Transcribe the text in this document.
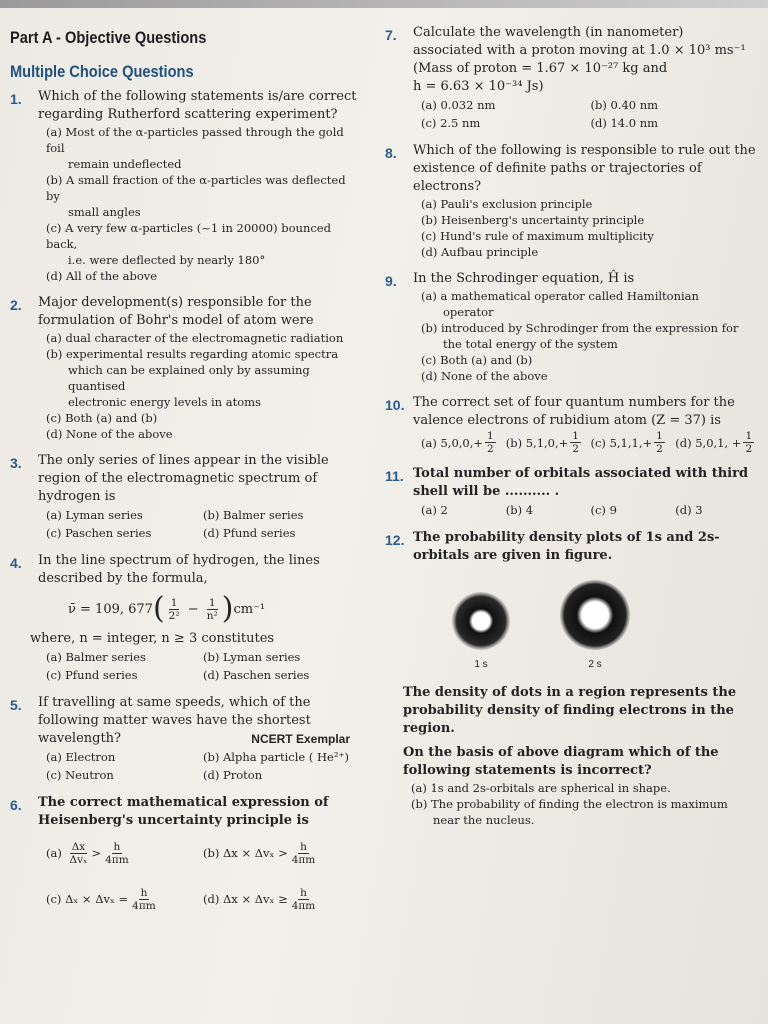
Part A - Objective Questions
Multiple Choice Questions
1. Which of the following statements is/are correct regarding Rutherford scattering experiment?
(a) Most of the α-particles passed through the gold foil
remain undeflected
(b) A small fraction of the α-particles was deflected by
small angles
(c) A very few α-particles (~1 in 20000) bounced back,
i.e. were deflected by nearly 180°
(d) All of the above
2. Major development(s) responsible for the formulation of Bohr's model of atom were
(a) dual character of the electromagnetic radiation
(b) experimental results regarding atomic spectra
which can be explained only by assuming quantised
electronic energy levels in atoms
(c) Both (a) and (b)
(d) None of the above
3. The only series of lines appear in the visible region of the electromagnetic spectrum of hydrogen is
(a) Lyman series	(b) Balmer series
(c) Paschen series	(d) Pfund series
4. In the line spectrum of hydrogen, the lines described by the formula,
ν̄ = 109, 677 ( $\frac{1}{\text{2²}} - \frac{1}{\text{n²}}$ ) cm⁻¹
where, n = integer, n ≥ 3 constitutes
(a) Balmer series	(b) Lyman series
(c) Pfund series	(d) Paschen series
5. If travelling at same speeds, which of the following matter waves have the shortest wavelength?	NCERT Exemplar
(a) Electron	(b) Alpha particle ( He²⁺)
(c) Neutron	(d) Proton
6. The correct mathematical expression of Heisenberg's uncertainty principle is
(a)
$\frac{\Delta x}{\text{Δvₓ}} > \frac{h}{4\pi m}$	(b)
$\Delta x \times \Delta v_x > \frac{h}{4\pi m}$
(c)
$\Delta_x \times \Delta v_x = \frac{h}{4\pi m}$	(d)
$\Delta x \times \Delta v_x \ge \frac{h}{4\pi m}$
7. Calculate the wavelength (in nanometer)
associated with a proton moving at 1.0 × 10³ ms⁻¹
(Mass of proton = 1.67 × 10⁻²⁷ kg and
h = 6.63 × 10⁻³⁴ Js)
(a) 0.032 nm	(b) 0.40 nm
(c) 2.5 nm	(d) 14.0 nm
8. Which of the following is responsible to rule out the existence of definite paths or trajectories of electrons?
(a) Pauli's exclusion principle
(b) Heisenberg's uncertainty principle
(c) Hund's rule of maximum multiplicity
(d) Aufbau principle
9. In the Schrodinger equation, Ĥ is
(a) a mathematical operator called Hamiltonian
operator
(b) introduced by Schrodinger from the expression for
the total energy of the system
(c) Both (a) and (b)
(d) None of the above
10. The correct set of four quantum numbers for the valence electrons of rubidium atom (Z = 37) is
(a) $5,0,0,+ \frac{1}{2} (b)$ $5,1,0,+ \frac{1}{2} (c)$ $5,1,1,+ \frac{1}{2} (d) 5,0,1$, + $\frac{1}{2}$
11. Total number of orbitals associated with third shell will be .......... .
(a) 2	(b) 4	(c) 9	(d) 3
12. The probability density plots of 1s and 2s-orbitals are given in figure.
1 s	2 s
The density of dots in a region represents the probability density of finding electrons in the region.
On the basis of above diagram which of the following statements is incorrect?
(a) 1s and 2s-orbitals are spherical in shape.
(b) The probability of finding the electron is maximum
near the nucleus.
